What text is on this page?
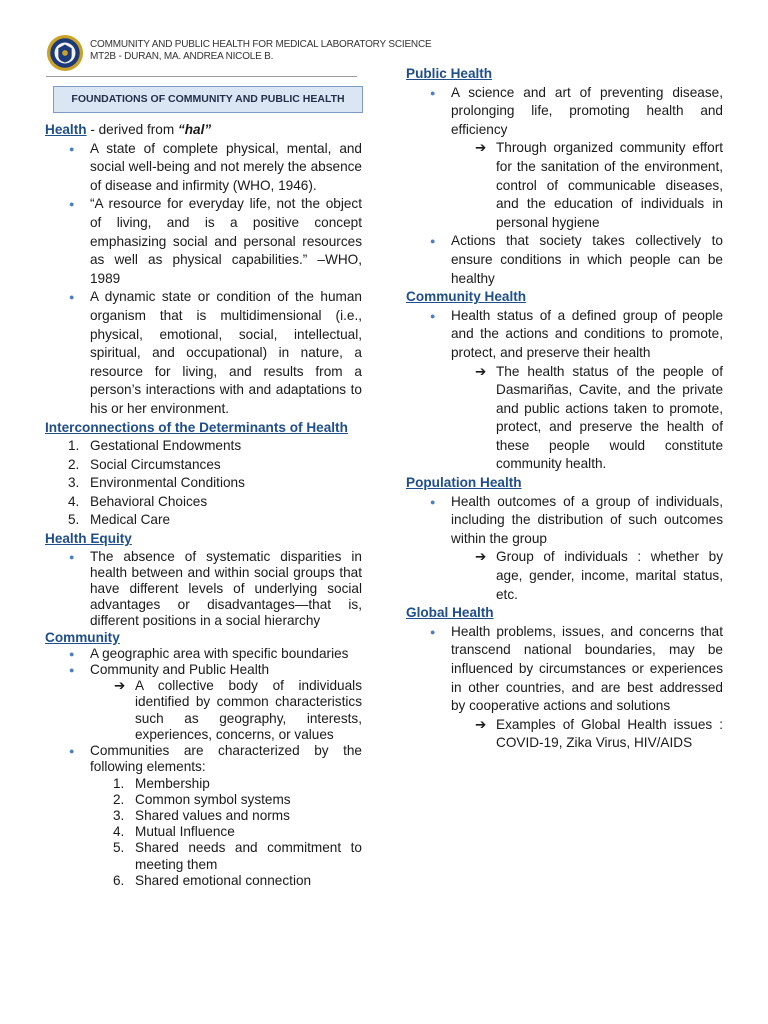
COMMUNITY AND PUBLIC HEALTH FOR MEDICAL LABORATORY SCIENCE
MT2B - DURAN, MA. ANDREA NICOLE B.
FOUNDATIONS OF COMMUNITY AND PUBLIC HEALTH

Health - derived from “hal”

● A state of complete physical, mental, and social well-being and not merely the absence of disease and infirmity (WHO, 1946).
● “A resource for everyday life, not the object of living, and is a positive concept emphasizing social and personal resources as well as physical capabilities.” –WHO, 1989
● A dynamic state or condition of the human organism that is multidimensional (i.e., physical, emotional, social, intellectual, spiritual, and occupational) in nature, a resource for living, and results from a person’s interactions with and adaptations to his or her environment.

Interconnections of the Determinants of Health

1. Gestational Endowments
2. Social Circumstances
3. Environmental Conditions
4. Behavioral Choices
5. Medical Care

Health Equity

● The absence of systematic disparities in health between and within social groups that have different levels of underlying social advantages or disadvantages—that is, different positions in a social hierarchy

Community

● A geographic area with specific boundaries
● Community and Public Health
➔ A collective body of individuals identified by common characteristics such as geography, interests, experiences, concerns, or values
● Communities are characterized by the following elements:
1. Membership
2. Common symbol systems
3. Shared values and norms
4. Mutual Influence
5. Shared needs and commitment to meeting them
6. Shared emotional connection

Public Health

● A science and art of preventing disease, prolonging life, promoting health and efficiency
➔ Through organized community effort for the sanitation of the environment, control of communicable diseases, and the education of individuals in personal hygiene
● Actions that society takes collectively to ensure conditions in which people can be healthy

Community Health

● Health status of a defined group of people and the actions and conditions to promote, protect, and preserve their health
➔ The health status of the people of Dasmariñas, Cavite, and the private and public actions taken to promote, protect, and preserve the health of these people would constitute community health.

Population Health

● Health outcomes of a group of individuals, including the distribution of such outcomes within the group
➔ Group of individuals : whether by age, gender, income, marital status, etc.

Global Health

● Health problems, issues, and concerns that transcend national boundaries, may be influenced by circumstances or experiences in other countries, and are best addressed by cooperative actions and solutions
➔ Examples of Global Health issues : COVID-19, Zika Virus, HIV/AIDS
